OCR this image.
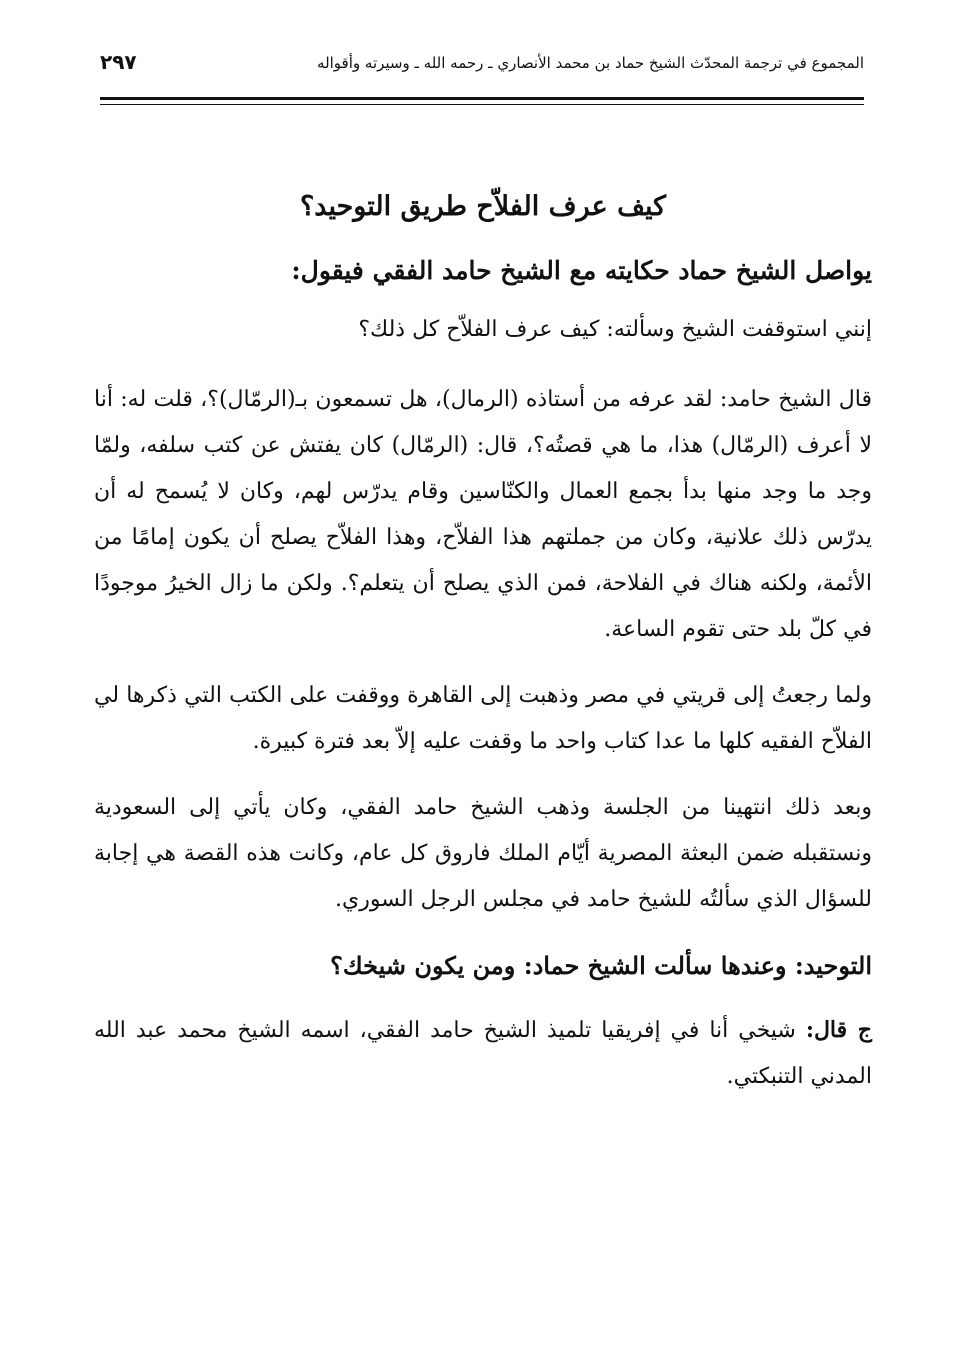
٢٩٧	المجموع في ترجمة المحدّث الشيخ حماد بن محمد الأنصاري ـ رحمه الله ـ وسيرته وأقواله
كيف عرف الفلاّح طريق التوحيد؟
يواصل الشيخ حماد حكايته مع الشيخ حامد الفقي فيقول:

إنني استوقفت الشيخ وسألته: كيف عرف الفلاّح كل ذلك؟

قال الشيخ حامد: لقد عرفه من أستاذه (الرمال)، هل تسمعون بـ(الرمّال)؟، قلت له: أنا لا أعرف (الرمّال) هذا، ما هي قصتُه؟، قال: (الرمّال) كان يفتش عن كتب سلفه، ولمّا وجد ما وجد منها بدأ بجمع العمال والكنّاسين وقام يدرّس لهم، وكان لا يُسمح له أن يدرّس ذلك علانية، وكان من جملتهم هذا الفلاّح، وهذا الفلاّح يصلح أن يكون إمامًا من الأئمة، ولكنه هناك في الفلاحة، فمن الذي يصلح أن يتعلم؟. ولكن ما زال الخيرُ موجودًا في كلّ بلد حتى تقوم الساعة.

ولما رجعتُ إلى قريتي في مصر وذهبت إلى القاهرة ووقفت على الكتب التي ذكرها لي الفلاّح الفقيه كلها ما عدا كتاب واحد ما وقفت عليه إلاّ بعد فترة كبيرة.

وبعد ذلك انتهينا من الجلسة وذهب الشيخ حامد الفقي، وكان يأتي إلى السعودية ونستقبله ضمن البعثة المصرية أيّام الملك فاروق كل عام، وكانت هذه القصة هي إجابة للسؤال الذي سألتُه للشيخ حامد في مجلس الرجل السوري.

التوحيد: وعندها سألت الشيخ حماد: ومن يكون شيخك؟

ج قال: شيخي أنا في إفريقيا تلميذ الشيخ حامد الفقي، اسمه الشيخ محمد عبد الله المدني التنبكتي.
